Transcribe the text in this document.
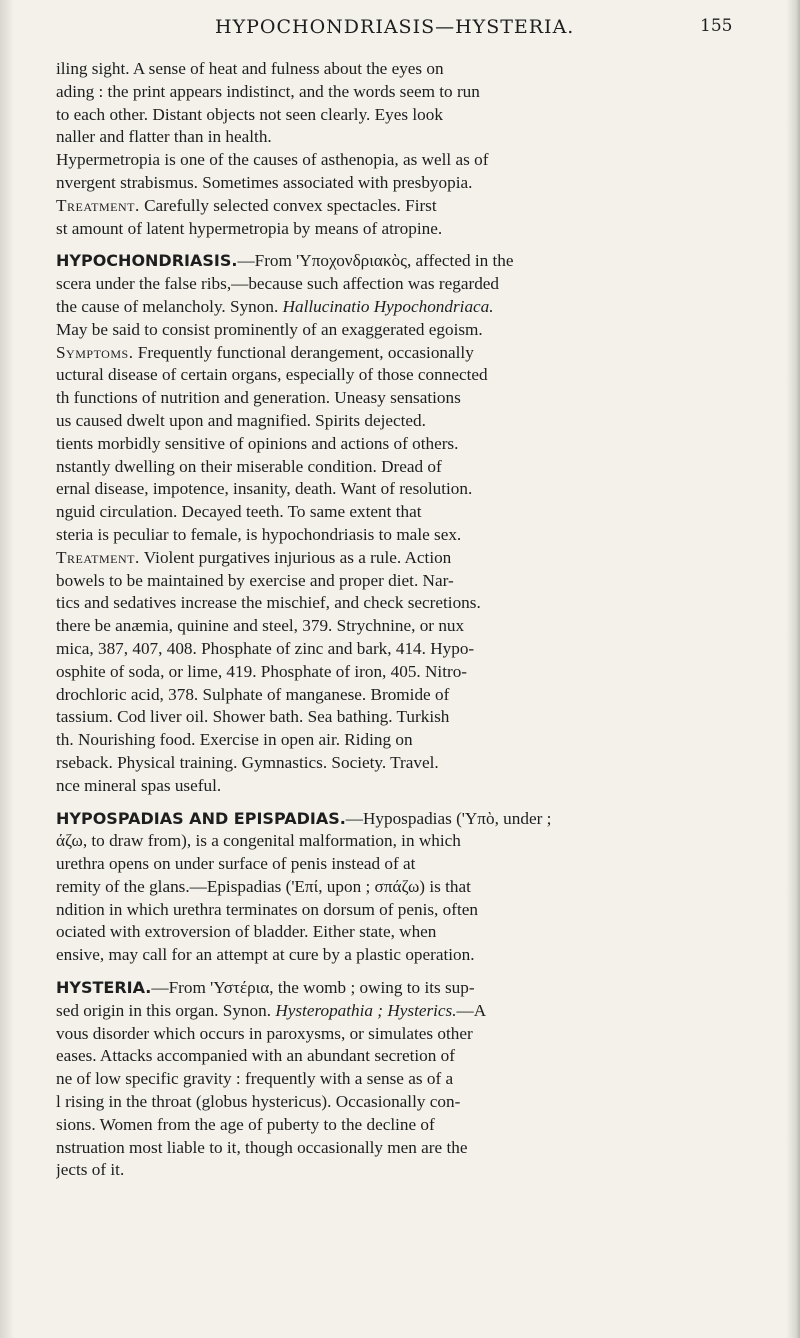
HYPOCHONDRIASIS—HYSTERIA.	155
iling sight. A sense of heat and fulness about the eyes on
ading : the print appears indistinct, and the words seem to run
to each other. Distant objects not seen clearly. Eyes look
naller and flatter than in health.
Hypermetropia is one of the causes of asthenopia, as well as of
nvergent strabismus. Sometimes associated with presbyopia.
Treatment. Carefully selected convex spectacles. First
st amount of latent hypermetropia by means of atropine.
HYPOCHONDRIASIS.—From 'Υποχονδριακὸς, affected in the
scera under the false ribs,—because such affection was regarded
the cause of melancholy. Synon. Hallucinatio Hypochondriaca.
May be said to consist prominently of an exaggerated egoism.
Symptoms. Frequently functional derangement, occasionally
uctural disease of certain organs, especially of those connected
th functions of nutrition and generation. Uneasy sensations
us caused dwelt upon and magnified. Spirits dejected.
tients morbidly sensitive of opinions and actions of others.
nstantly dwelling on their miserable condition. Dread of
ernal disease, impotence, insanity, death. Want of resolution.
nguid circulation. Decayed teeth. To same extent that
steria is peculiar to female, is hypochondriasis to male sex.
Treatment. Violent purgatives injurious as a rule. Action
bowels to be maintained by exercise and proper diet. Nar-
tics and sedatives increase the mischief, and check secretions.
there be anæmia, quinine and steel, 379. Strychnine, or nux
mica, 387, 407, 408. Phosphate of zinc and bark, 414. Hypo-
osphite of soda, or lime, 419. Phosphate of iron, 405. Nitro-
drochloric acid, 378. Sulphate of manganese. Bromide of
tassium. Cod liver oil. Shower bath. Sea bathing. Turkish
th. Nourishing food. Exercise in open air. Riding on
rseback. Physical training. Gymnastics. Society. Travel.
nce mineral spas useful.
HYPOSPADIAS AND EPISPADIAS.—Hypospadias ('Υπὸ, under ;
άζω, to draw from), is a congenital malformation, in which
urethra opens on under surface of penis instead of at
remity of the glans.—Epispadias ('Επί, upon ; σπάζω) is that
ndition in which urethra terminates on dorsum of penis, often
ociated with extroversion of bladder. Either state, when
ensive, may call for an attempt at cure by a plastic operation.
HYSTERIA.—From 'Υστέρια, the womb ; owing to its sup-
sed origin in this organ. Synon. Hysteropathia ; Hysterics.—A
vous disorder which occurs in paroxysms, or simulates other
eases. Attacks accompanied with an abundant secretion of
ne of low specific gravity : frequently with a sense as of a
l rising in the throat (globus hystericus). Occasionally con-
sions. Women from the age of puberty to the decline of
nstruation most liable to it, though occasionally men are the
jects of it.
